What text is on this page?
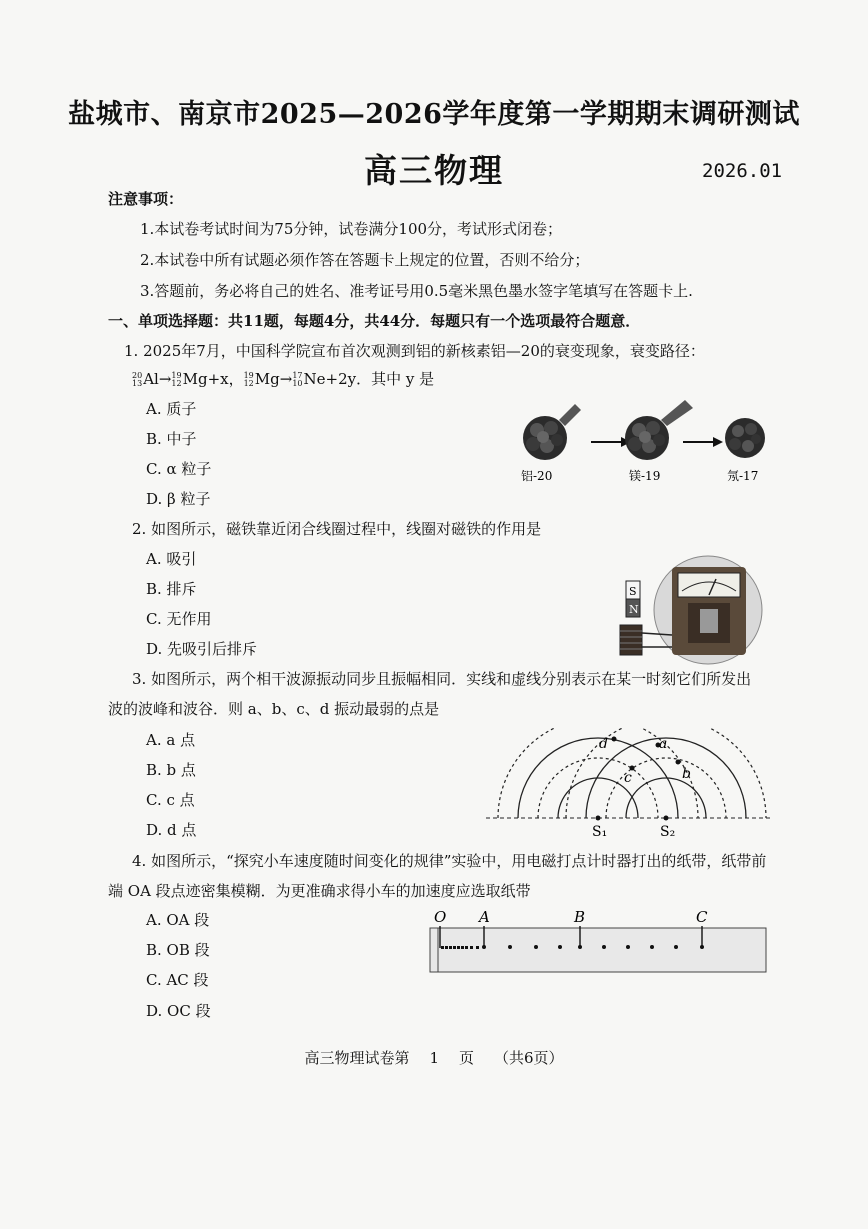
盐城市、南京市2025—2026学年度第一学期期末调研测试
高三物理	2026.01
注意事项：
1.本试卷考试时间为75分钟，试卷满分100分，考试形式闭卷；
2.本试卷中所有试题必须作答在答题卡上规定的位置，否则不给分；
3.答题前，务必将自己的姓名、准考证号用0.5毫米黑色墨水签字笔填写在答题卡上.
一、单项选择题：共11题，每题4分，共44分．每题只有一个选项最符合题意．
1. 2025年7月，中国科学院宣布首次观测到铝的新核素铝—20的衰变现象，衰变路径：
20
13 Al→ 19
12 Mg+x， 19
12 Mg→ 17
10 Ne+2y．其中 y 是
A. 质子
B. 中子
C. α 粒子
D. β 粒子
铝-20	镁-19	氖-17
2. 如图所示，磁铁靠近闭合线圈过程中，线圈对磁铁的作用是
A. 吸引
B. 排斥
C. 无作用
D. 先吸引后排斥
S
N
3. 如图所示，两个相干波源振动同步且振幅相同．实线和虚线分别表示在某一时刻它们所发出
波的波峰和波谷．则 a、b、c、d 振动最弱的点是
A. a 点
B. b 点
C. c 点
D. d 点
d	a
c	b
S₁	S₂
4. 如图所示，“探究小车速度随时间变化的规律”实验中，用电磁打点计时器打出的纸带，纸带前
端 OA 段点迹密集模糊．为更准确求得小车的加速度应选取纸带
A. OA 段
B. OB 段
C. AC 段
D. OC 段
O A	B	C
高三物理试卷第 1 页 （共6页）
